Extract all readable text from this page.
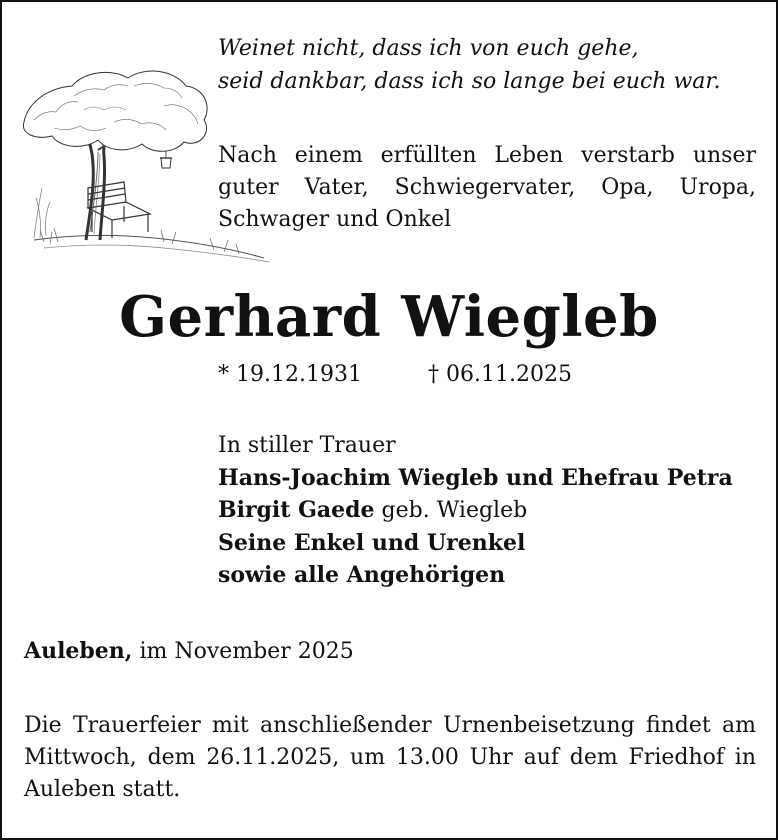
Weinet nicht, dass ich von euch gehe,
seid dankbar, dass ich so lange bei euch war.
Nach einem erfüllten Leben verstarb unser guter Vater, Schwiegervater, Opa, Uropa, Schwager und Onkel
Gerhard Wiegleb
* 19.12.1931	† 06.11.2025
In stiller Trauer
Hans-Joachim Wiegleb und Ehefrau Petra
Birgit Gaede geb. Wiegleb
Seine Enkel und Urenkel
sowie alle Angehörigen
Auleben, im November 2025
Die Trauerfeier mit anschließender Urnenbeisetzung findet am Mittwoch, dem 26.11.2025, um 13.00 Uhr auf dem Friedhof in Auleben statt.
